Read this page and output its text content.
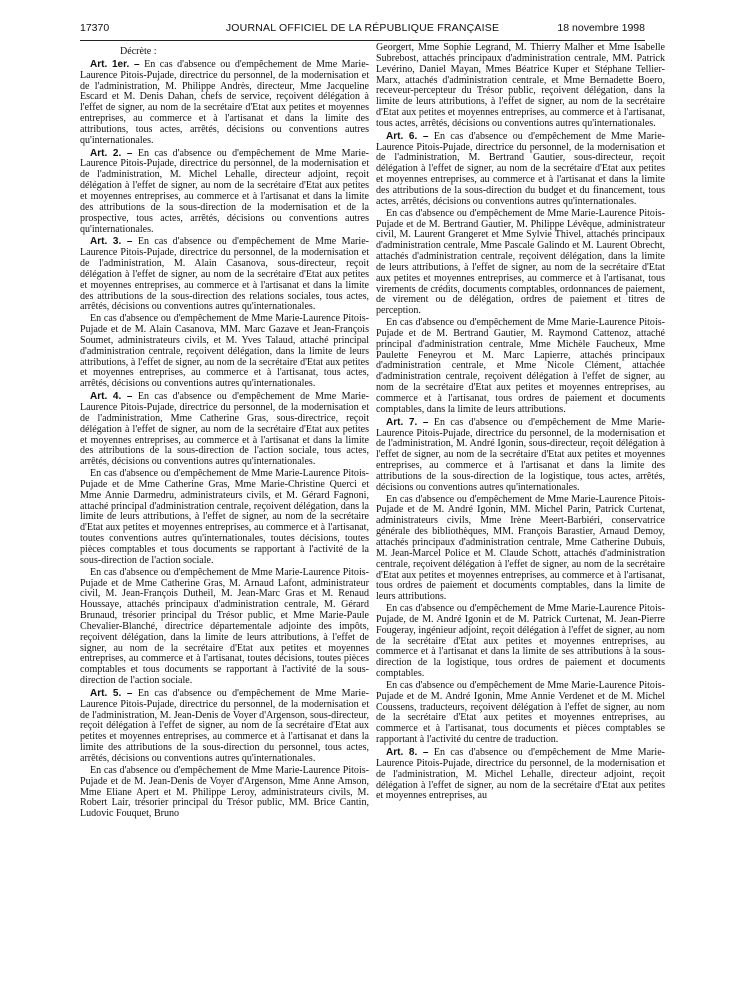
17370	JOURNAL OFFICIEL DE LA RÉPUBLIQUE FRANÇAISE	18 novembre 1998

Décrète :

Art. 1er. – En cas d'absence ou d'empêchement de Mme Marie-Laurence Pitois-Pujade, directrice du personnel, de la modernisation et de l'administration, M. Philippe Andrès, directeur, Mme Jacqueline Escard et M. Denis Dahan, chefs de service, reçoivent délégation à l'effet de signer, au nom de la secrétaire d'Etat aux petites et moyennes entreprises, au commerce et à l'artisanat et dans la limite des attributions, tous actes, arrêtés, décisions ou conventions autres qu'internationales.

Art. 2. – En cas d'absence ou d'empêchement de Mme Marie-Laurence Pitois-Pujade, directrice du personnel, de la modernisation et de l'administration, M. Michel Lehalle, directeur adjoint, reçoit délégation à l'effet de signer, au nom de la secrétaire d'Etat aux petites et moyennes entreprises, au commerce et à l'artisanat et dans la limite des attributions de la sous-direction de la modernisation et de la prospective, tous actes, arrêtés, décisions ou conventions autres qu'internationales.

Art. 3. – En cas d'absence ou d'empêchement de Mme Marie-Laurence Pitois-Pujade, directrice du personnel, de la modernisation et de l'administration, M. Alain Casanova, sous-directeur, reçoit délégation à l'effet de signer, au nom de la secrétaire d'Etat aux petites et moyennes entreprises, au commerce et à l'artisanat et dans la limite des attributions de la sous-direction des relations sociales, tous actes, arrêtés, décisions ou conventions autres qu'internationales.

En cas d'absence ou d'empêchement de Mme Marie-Laurence Pitois-Pujade et de M. Alain Casanova, MM. Marc Gazave et Jean-François Soumet, administrateurs civils, et M. Yves Talaud, attaché principal d'administration centrale, reçoivent délégation, dans la limite de leurs attributions, à l'effet de signer, au nom de la secrétaire d'Etat aux petites et moyennes entreprises, au commerce et à l'artisanat, tous actes, arrêtés, décisions ou conventions autres qu'internationales.

Art. 4. – En cas d'absence ou d'empêchement de Mme Marie-Laurence Pitois-Pujade, directrice du personnel, de la modernisation et de l'administration, Mme Catherine Gras, sous-directrice, reçoit délégation à l'effet de signer, au nom de la secrétaire d'Etat aux petites et moyennes entreprises, au commerce et à l'artisanat et dans la limite des attributions de la sous-direction de l'action sociale, tous actes, arrêtés, décisions ou conventions autres qu'internationales.

En cas d'absence ou d'empêchement de Mme Marie-Laurence Pitois-Pujade et de Mme Catherine Gras, Mme Marie-Christine Querci et Mme Annie Darmedru, administrateurs civils, et M. Gérard Fagnoni, attaché principal d'administration centrale, reçoivent délégation, dans la limite de leurs attributions, à l'effet de signer, au nom de la secrétaire d'Etat aux petites et moyennes entreprises, au commerce et à l'artisanat, toutes conventions autres qu'internationales, toutes décisions, toutes pièces comptables et tous documents se rapportant à l'activité de la sous-direction de l'action sociale.

En cas d'absence ou d'empêchement de Mme Marie-Laurence Pitois-Pujade et de Mme Catherine Gras, M. Arnaud Lafont, administrateur civil, M. Jean-François Dutheil, M. Jean-Marc Gras et M. Renaud Houssaye, attachés principaux d'administration centrale, M. Gérard Brunaud, trésorier principal du Trésor public, et Mme Marie-Paule Chevalier-Blanché, directrice départementale adjointe des impôts, reçoivent délégation, dans la limite de leurs attributions, à l'effet de signer, au nom de la secrétaire d'Etat aux petites et moyennes entreprises, au commerce et à l'artisanat, toutes décisions, toutes pièces comptables et tous documents se rapportant à l'activité de la sous-direction de l'action sociale.

Art. 5. – En cas d'absence ou d'empêchement de Mme Marie-Laurence Pitois-Pujade, directrice du personnel, de la modernisation et de l'administration, M. Jean-Denis de Voyer d'Argenson, sous-directeur, reçoit délégation à l'effet de signer, au nom de la secrétaire d'Etat aux petites et moyennes entreprises, au commerce et à l'artisanat et dans la limite des attributions de la sous-direction du personnel, tous actes, arrêtés, décisions ou conventions autres qu'internationales.

En cas d'absence ou d'empêchement de Mme Marie-Laurence Pitois-Pujade et de M. Jean-Denis de Voyer d'Argenson, Mme Anne Amson, Mme Eliane Apert et M. Philippe Leroy, administrateurs civils, M. Robert Lair, trésorier principal du Trésor public, MM. Brice Cantin, Ludovic Fouquet, Bruno

Georgert, Mme Sophie Legrand, M. Thierry Malher et Mme Isabelle Subrebost, attachés principaux d'administration centrale, MM. Patrick Levérino, Daniel Mayan, Mmes Béatrice Kuper et Stéphane Tellier-Marx, attachés d'administration centrale, et Mme Bernadette Boero, receveur-percepteur du Trésor public, reçoivent délégation, dans la limite de leurs attributions, à l'effet de signer, au nom de la secrétaire d'Etat aux petites et moyennes entreprises, au commerce et à l'artisanat, tous actes, arrêtés, décisions ou conventions autres qu'internationales.

Art. 6. – En cas d'absence ou d'empêchement de Mme Marie-Laurence Pitois-Pujade, directrice du personnel, de la modernisation et de l'administration, M. Bertrand Gautier, sous-directeur, reçoit délégation à l'effet de signer, au nom de la secrétaire d'Etat aux petites et moyennes entreprises, au commerce et à l'artisanat et dans la limite des attributions de la sous-direction du budget et du financement, tous actes, arrêtés, décisions ou conventions autres qu'internationales.

En cas d'absence ou d'empêchement de Mme Marie-Laurence Pitois-Pujade et de M. Bertrand Gautier, M. Philippe Lévêque, administrateur civil, M. Laurent Grangeret et Mme Sylvie Thivel, attachés principaux d'administration centrale, Mme Pascale Galindo et M. Laurent Obrecht, attachés d'administration centrale, reçoivent délégation, dans la limite de leurs attributions, à l'effet de signer, au nom de la secrétaire d'Etat aux petites et moyennes entreprises, au commerce et à l'artisanat, tous virements de crédits, documents comptables, ordonnances de paiement, de virement ou de délégation, ordres de paiement et titres de perception.

En cas d'absence ou d'empêchement de Mme Marie-Laurence Pitois-Pujade et de M. Bertrand Gautier, M. Raymond Cattenoz, attaché principal d'administration centrale, Mme Michèle Faucheux, Mme Paulette Feneyrou et M. Marc Lapierre, attachés principaux d'administration centrale, et Mme Nicole Clément, attachée d'administration centrale, reçoivent délégation à l'effet de signer, au nom de la secrétaire d'Etat aux petites et moyennes entreprises, au commerce et à l'artisanat, tous ordres de paiement et documents comptables, dans la limite de leurs attributions.

Art. 7. – En cas d'absence ou d'empêchement de Mme Marie-Laurence Pitois-Pujade, directrice du personnel, de la modernisation et de l'administration, M. André Igonin, sous-directeur, reçoit délégation à l'effet de signer, au nom de la secrétaire d'Etat aux petites et moyennes entreprises, au commerce et à l'artisanat et dans la limite des attributions de la sous-direction de la logistique, tous actes, arrêtés, décisions ou conventions autres qu'internationales.

En cas d'absence ou d'empêchement de Mme Marie-Laurence Pitois-Pujade et de M. André Igonin, MM. Michel Parin, Patrick Curtenat, administrateurs civils, Mme Irène Meert-Barbiéri, conservatrice générale des bibliothèques, MM. François Barastier, Arnaud Demoy, attachés principaux d'administration centrale, Mme Catherine Dubuis, M. Jean-Marcel Police et M. Claude Schott, attachés d'administration centrale, reçoivent délégation à l'effet de signer, au nom de la secrétaire d'Etat aux petites et moyennes entreprises, au commerce et à l'artisanat, tous ordres de paiement et documents comptables, dans la limite de leurs attributions.

En cas d'absence ou d'empêchement de Mme Marie-Laurence Pitois-Pujade, de M. André Igonin et de M. Patrick Curtenat, M. Jean-Pierre Fougeray, ingénieur adjoint, reçoit délégation à l'effet de signer, au nom de la secrétaire d'Etat aux petites et moyennes entreprises, au commerce et à l'artisanat et dans la limite de ses attributions à la sous-direction de la logistique, tous ordres de paiement et documents comptables.

En cas d'absence ou d'empêchement de Mme Marie-Laurence Pitois-Pujade et de M. André Igonin, Mme Annie Verdenet et de M. Michel Coussens, traducteurs, reçoivent délégation à l'effet de signer, au nom de la secrétaire d'Etat aux petites et moyennes entreprises, au commerce et à l'artisanat, tous documents et pièces comptables se rapportant à l'activité du centre de traduction.

Art. 8. – En cas d'absence ou d'empêchement de Mme Marie-Laurence Pitois-Pujade, directrice du personnel, de la modernisation et de l'administration, M. Michel Lehalle, directeur adjoint, reçoit délégation à l'effet de signer, au nom de la secrétaire d'Etat aux petites et moyennes entreprises, au
